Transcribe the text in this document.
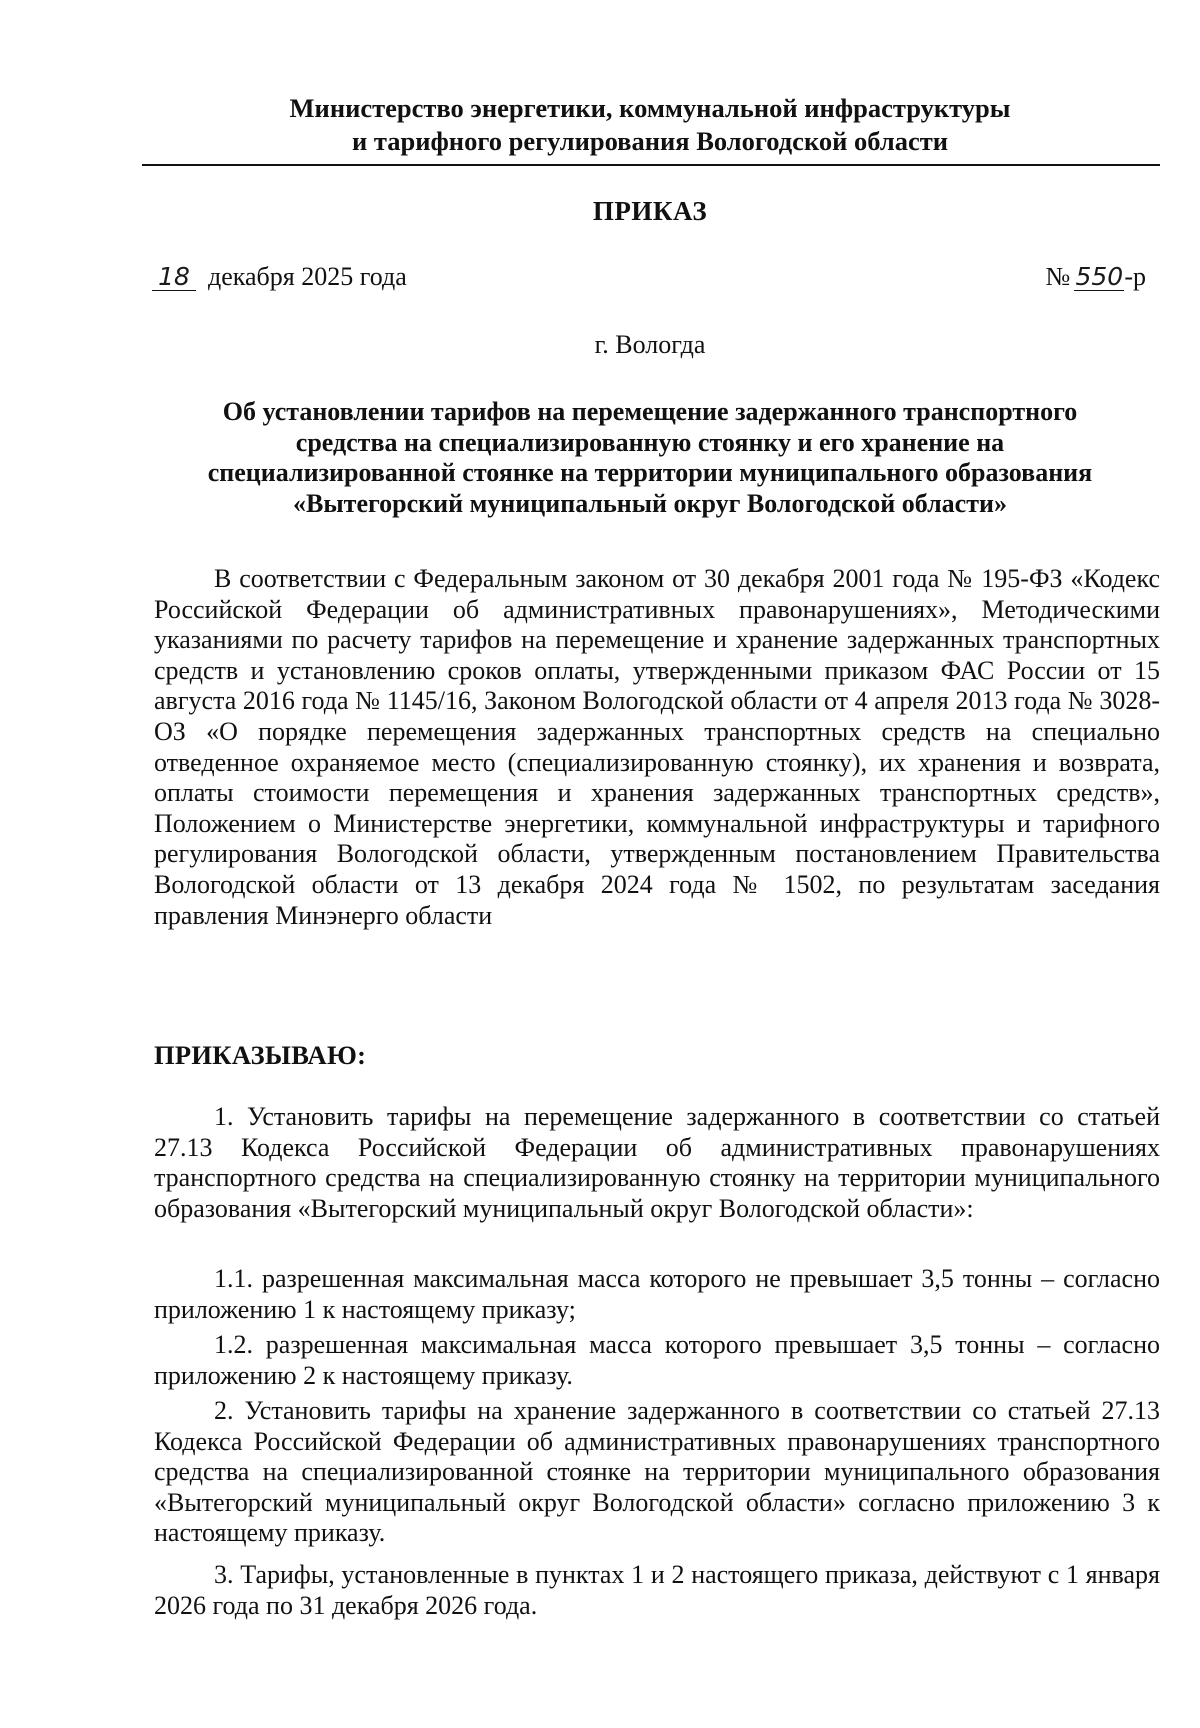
Министерство энергетики, коммунальной инфраструктуры
и тарифного регулирования Вологодской области
ПРИКАЗ
18 декабря 2025 года	№ 550-р
г. Вологда
Об установлении тарифов на перемещение задержанного транспортного
средства на специализированную стоянку и его хранение на
специализированной стоянке на территории муниципального образования
«Вытегорский муниципальный округ Вологодской области»
В соответствии с Федеральным законом от 30 декабря 2001 года № 195-ФЗ «Кодекс Российской Федерации об административных правонарушениях», Методическими указаниями по расчету тарифов на перемещение и хранение задержанных транспортных средств и установлению сроков оплаты, утвержденными приказом ФАС России от 15 августа 2016 года № 1145/16, Законом Вологодской области от 4 апреля 2013 года № 3028-ОЗ «О порядке перемещения задержанных транспортных средств на специально отведенное охраняемое место (специализированную стоянку), их хранения и возврата, оплаты стоимости перемещения и хранения задержанных транспортных средств», Положением о Министерстве энергетики, коммунальной инфраструктуры и тарифного регулирования Вологодской области, утвержденным постановлением Правительства Вологодской области от 13 декабря 2024 года № 1502, по результатам заседания правления Минэнерго области
ПРИКАЗЫВАЮ:
1. Установить тарифы на перемещение задержанного в соответствии со статьей 27.13 Кодекса Российской Федерации об административных правонарушениях транспортного средства на специализированную стоянку на территории муниципального образования «Вытегорский муниципальный округ Вологодской области»:
1.1. разрешенная максимальная масса которого не превышает 3,5 тонны – согласно приложению 1 к настоящему приказу;
1.2. разрешенная максимальная масса которого превышает 3,5 тонны – согласно приложению 2 к настоящему приказу.
2. Установить тарифы на хранение задержанного в соответствии со статьей 27.13 Кодекса Российской Федерации об административных правонарушениях транспортного средства на специализированной стоянке на территории муниципального образования «Вытегорский муниципальный округ Вологодской области» согласно приложению 3 к настоящему приказу.
3. Тарифы, установленные в пунктах 1 и 2 настоящего приказа, действуют с 1 января 2026 года по 31 декабря 2026 года.
